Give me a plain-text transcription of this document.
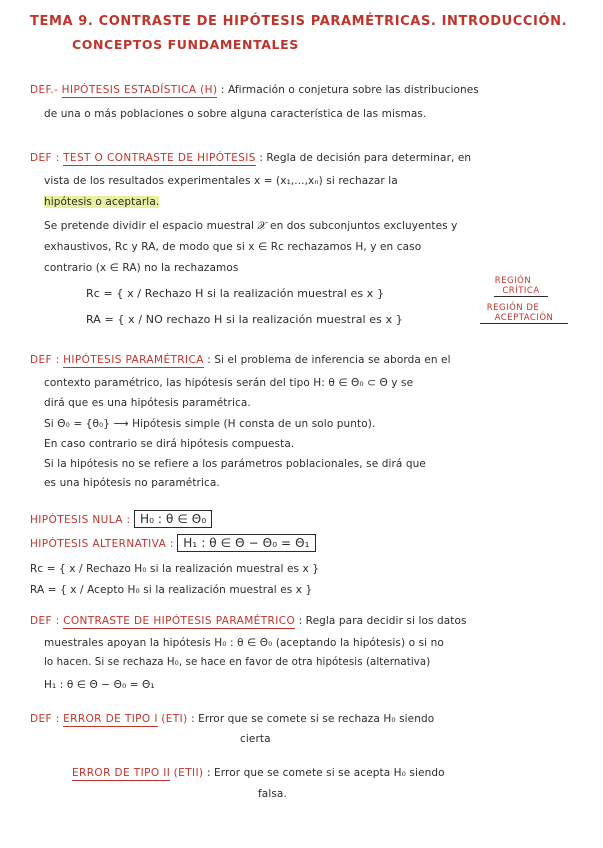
TEMA 9. CONTRASTE DE HIPÓTESIS PARAMÉTRICAS. INTRODUCCIÓN.
CONCEPTOS FUNDAMENTALES
DEF.- HIPÓTESIS ESTADÍSTICA (H) : Afirmación o conjetura sobre las distribuciones
de una o más poblaciones o sobre alguna característica de las mismas.
DEF : TEST O CONTRASTE DE HIPÓTESIS : Regla de decisión para determinar, en
vista de los resultados experimentales x = (x₁,...,xₙ) si rechazar la
hipótesis o aceptarla.
Se pretende dividir el espacio muestral 𝒳 en dos subconjuntos excluyentes y
exhaustivos, Rc y RA, de modo que si x ∈ Rc rechazamos H, y en caso
contrario (x ∈ RA) no la rechazamos
Rc = { x / Rechazo H si la realización muestral es x }
RA = { x / NO rechazo H si la realización muestral es x }
REGIÓN
CRÍTICA
REGIÓN DE
ACEPTACIÓN
DEF : HIPÓTESIS PARAMÉTRICA : Si el problema de inferencia se aborda en el
contexto paramétrico, las hipótesis serán del tipo H: θ ∈ Θ₀ ⊂ Θ y se
dirá que es una hipótesis paramétrica.
Si Θ₀ = {θ₀} ⟶ Hipótesis simple (H consta de un solo punto).
En caso contrario se dirá hipótesis compuesta.
Si la hipótesis no se refiere a los parámetros poblacionales, se dirá que
es una hipótesis no paramétrica.
HIPÓTESIS NULA : H₀ : θ ∈ Θ₀
HIPÓTESIS ALTERNATIVA : H₁ : θ ∈ Θ − Θ₀ = Θ₁
Rc = { x / Rechazo H₀ si la realización muestral es x }
RA = { x / Acepto H₀ si la realización muestral es x }
DEF : CONTRASTE DE HIPÓTESIS PARAMÉTRICO : Regla para decidir si los datos
muestrales apoyan la hipótesis H₀ : θ ∈ Θ₀ (aceptando la hipótesis) o si no
lo hacen. Si se rechaza H₀, se hace en favor de otra hipótesis (alternativa)
H₁ : θ ∈ Θ − Θ₀ = Θ₁
DEF : ERROR DE TIPO I (ETI) : Error que se comete si se rechaza H₀ siendo
cierta
ERROR DE TIPO II (ETII) : Error que se comete si se acepta H₀ siendo
falsa.
